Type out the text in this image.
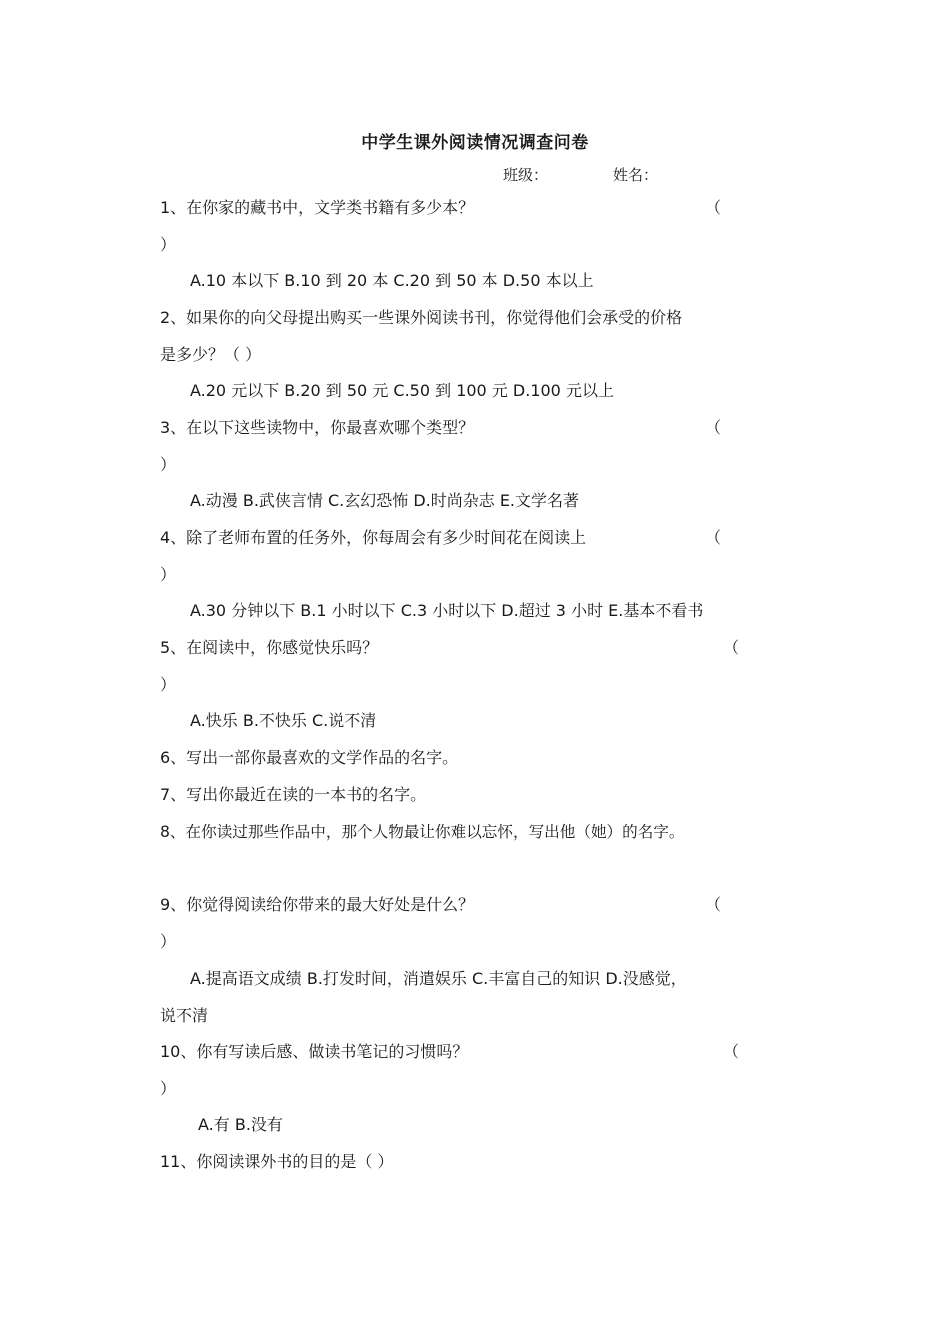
中学生课外阅读情况调查问卷
班级：	姓名：
1、在你家的藏书中，文学类书籍有多少本？	（
）
A.10 本以下 B.10 到 20 本 C.20 到 50 本 D.50 本以上
2、如果你的向父母提出购买一些课外阅读书刊，你觉得他们会承受的价格
是多少？（ ）
A.20 元以下 B.20 到 50 元 C.50 到 100 元 D.100 元以上
3、在以下这些读物中，你最喜欢哪个类型？	（
）
A.动漫 B.武侠言情 C.玄幻恐怖 D.时尚杂志 E.文学名著
4、除了老师布置的任务外，你每周会有多少时间花在阅读上	（
）
A.30 分钟以下 B.1 小时以下 C.3 小时以下 D.超过 3 小时 E.基本不看书
5、在阅读中，你感觉快乐吗？	（
）
A.快乐 B.不快乐 C.说不清
6、写出一部你最喜欢的文学作品的名字。
7、写出你最近在读的一本书的名字。
8、在你读过那些作品中，那个人物最让你难以忘怀，写出他（她）的名字。
9、你觉得阅读给你带来的最大好处是什么？	（
）
A.提高语文成绩 B.打发时间，消遣娱乐 C.丰富自己的知识 D.没感觉，
说不清
10、你有写读后感、做读书笔记的习惯吗？	（
）
A.有 B.没有
11、你阅读课外书的目的是（ ）
